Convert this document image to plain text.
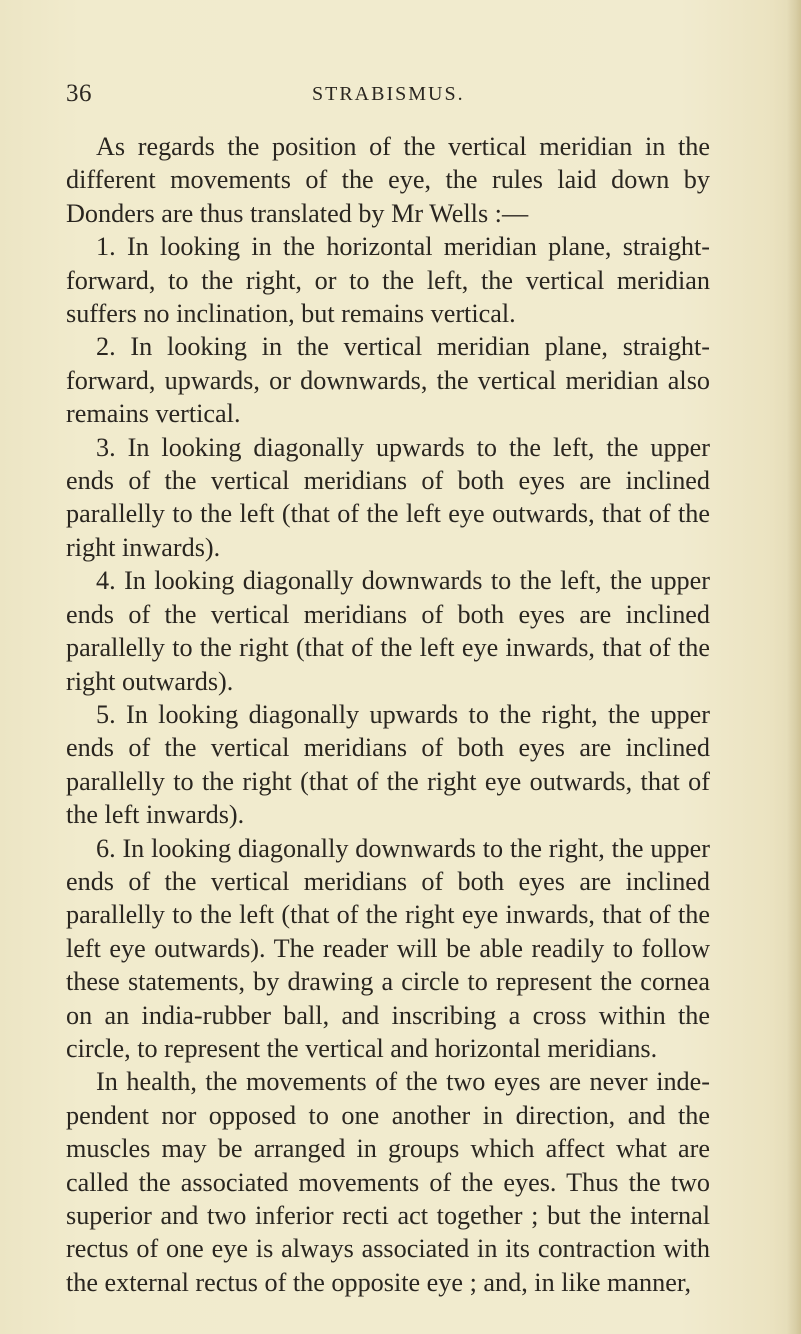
36	STRABISMUS.

As regards the position of the vertical meridian in the different movements of the eye, the rules laid down by Donders are thus translated by Mr Wells :—

1. In looking in the horizontal meridian plane, straight-forward, to the right, or to the left, the vertical meridian suffers no inclination, but remains vertical.

2. In looking in the vertical meridian plane, straight-forward, upwards, or downwards, the vertical meridian also remains vertical.

3. In looking diagonally upwards to the left, the upper ends of the vertical meridians of both eyes are inclined parallelly to the left (that of the left eye outwards, that of the right inwards).

4. In looking diagonally downwards to the left, the upper ends of the vertical meridians of both eyes are inclined parallelly to the right (that of the left eye inwards, that of the right outwards).

5. In looking diagonally upwards to the right, the upper ends of the vertical meridians of both eyes are inclined parallelly to the right (that of the right eye outwards, that of the left inwards).

6. In looking diagonally downwards to the right, the upper ends of the vertical meridians of both eyes are inclined parallelly to the left (that of the right eye inwards, that of the left eye outwards). The reader will be able readily to follow these statements, by drawing a circle to represent the cornea on an india-rubber ball, and inscribing a cross within the circle, to represent the vertical and horizontal meridians.

In health, the movements of the two eyes are never inde-pendent nor opposed to one another in direction, and the muscles may be arranged in groups which affect what are called the associated movements of the eyes. Thus the two superior and two inferior recti act together ; but the internal rectus of one eye is always associated in its contraction with the external rectus of the opposite eye ; and, in like manner,
